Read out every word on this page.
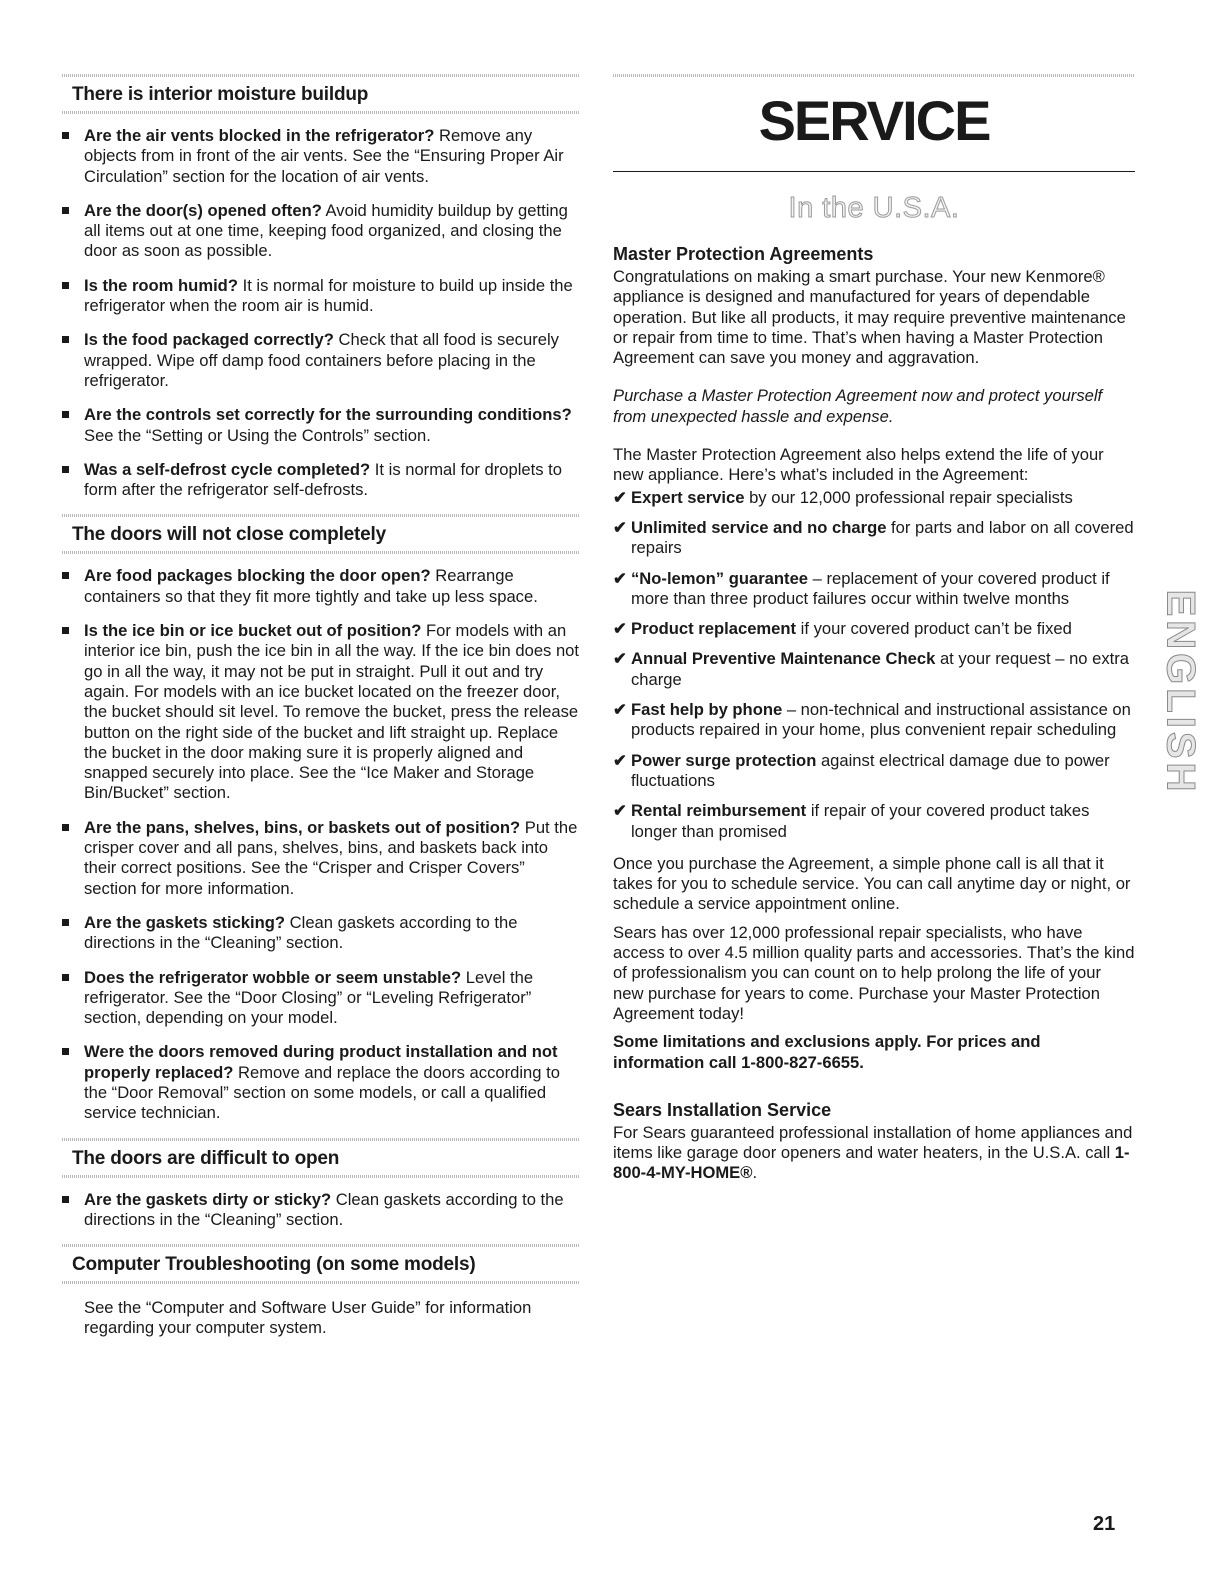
There is interior moisture buildup
Are the air vents blocked in the refrigerator? Remove any objects from in front of the air vents. See the “Ensuring Proper Air Circulation” section for the location of air vents.
Are the door(s) opened often? Avoid humidity buildup by getting all items out at one time, keeping food organized, and closing the door as soon as possible.
Is the room humid? It is normal for moisture to build up inside the refrigerator when the room air is humid.
Is the food packaged correctly? Check that all food is securely wrapped. Wipe off damp food containers before placing in the refrigerator.
Are the controls set correctly for the surrounding conditions? See the “Setting or Using the Controls” section.
Was a self-defrost cycle completed? It is normal for droplets to form after the refrigerator self-defrosts.
The doors will not close completely
Are food packages blocking the door open? Rearrange containers so that they fit more tightly and take up less space.
Is the ice bin or ice bucket out of position? For models with an interior ice bin, push the ice bin in all the way. If the ice bin does not go in all the way, it may not be put in straight. Pull it out and try again. For models with an ice bucket located on the freezer door, the bucket should sit level. To remove the bucket, press the release button on the right side of the bucket and lift straight up. Replace the bucket in the door making sure it is properly aligned and snapped securely into place. See the “Ice Maker and Storage Bin/Bucket” section.
Are the pans, shelves, bins, or baskets out of position? Put the crisper cover and all pans, shelves, bins, and baskets back into their correct positions. See the “Crisper and Crisper Covers” section for more information.
Are the gaskets sticking? Clean gaskets according to the directions in the “Cleaning” section.
Does the refrigerator wobble or seem unstable? Level the refrigerator. See the “Door Closing” or “Leveling Refrigerator” section, depending on your model.
Were the doors removed during product installation and not properly replaced? Remove and replace the doors according to the “Door Removal” section on some models, or call a qualified service technician.
The doors are difficult to open
Are the gaskets dirty or sticky? Clean gaskets according to the directions in the “Cleaning” section.
Computer Troubleshooting (on some models)
See the “Computer and Software User Guide” for information regarding your computer system.
SERVICE
In the U.S.A.
Master Protection Agreements

Congratulations on making a smart purchase. Your new Kenmore® appliance is designed and manufactured for years of dependable operation. But like all products, it may require preventive maintenance or repair from time to time. That’s when having a Master Protection Agreement can save you money and aggravation.

Purchase a Master Protection Agreement now and protect yourself from unexpected hassle and expense.

The Master Protection Agreement also helps extend the life of your new appliance. Here’s what’s included in the Agreement:

✔ Expert service by our 12,000 professional repair specialists
✔ Unlimited service and no charge for parts and labor on all covered repairs
✔ “No-lemon” guarantee – replacement of your covered product if more than three product failures occur within twelve months
✔ Product replacement if your covered product can’t be fixed
✔ Annual Preventive Maintenance Check at your request – no extra charge
✔ Fast help by phone – non-technical and instructional assistance on products repaired in your home, plus convenient repair scheduling
✔ Power surge protection against electrical damage due to power fluctuations
✔ Rental reimbursement if repair of your covered product takes longer than promised

Once you purchase the Agreement, a simple phone call is all that it takes for you to schedule service. You can call anytime day or night, or schedule a service appointment online.

Sears has over 12,000 professional repair specialists, who have access to over 4.5 million quality parts and accessories. That’s the kind of professionalism you can count on to help prolong the life of your new purchase for years to come. Purchase your Master Protection Agreement today!

Some limitations and exclusions apply. For prices and information call 1-800-827-6655.

Sears Installation Service

For Sears guaranteed professional installation of home appliances and items like garage door openers and water heaters, in the U.S.A. call 1-800-4-MY-HOME®.

ENGLISH
21
